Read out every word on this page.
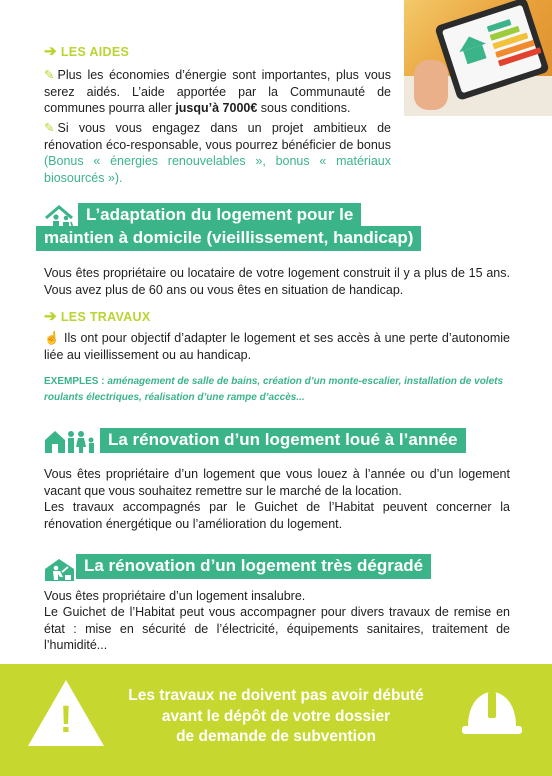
➔ LES AIDES
✎ Plus les économies d’énergie sont importantes, plus vous serez aidés. L’aide apportée par la Communauté de communes pourra aller jusqu’à 7000€ sous conditions.
✎ Si vous vous engagez dans un projet ambitieux de rénovation éco-responsable, vous pourrez bénéficier de bonus (Bonus « énergies renouvelables », bonus « matériaux biosourcés »).
L’adaptation du logement pour le
maintien à domicile (vieillissement, handicap)
Vous êtes propriétaire ou locataire de votre logement construit il y a plus de 15 ans. Vous avez plus de 60 ans ou vous êtes en situation de handicap.
➔ LES TRAVAUX
☝ Ils ont pour objectif d’adapter le logement et ses accès à une perte d’autonomie liée au vieillissement ou au handicap.
EXEMPLES : aménagement de salle de bains, création d’un monte-escalier, installation de volets roulants électriques, réalisation d’une rampe d’accès...
La rénovation d’un logement loué à l’année
Vous êtes propriétaire d’un logement que vous louez à l’année ou d’un logement vacant que vous souhaitez remettre sur le marché de la location.
Les travaux accompagnés par le Guichet de l’Habitat peuvent concerner la rénovation énergétique ou l’amélioration du logement.
La rénovation d’un logement très dégradé
Vous êtes propriétaire d’un logement insalubre.
Le Guichet de l’Habitat peut vous accompagner pour divers travaux de remise en état : mise en sécurité de l’électricité, équipements sanitaires, traitement de l’humidité...
!
Les travaux ne doivent pas avoir débuté
avant le dépôt de votre dossier
de demande de subvention
